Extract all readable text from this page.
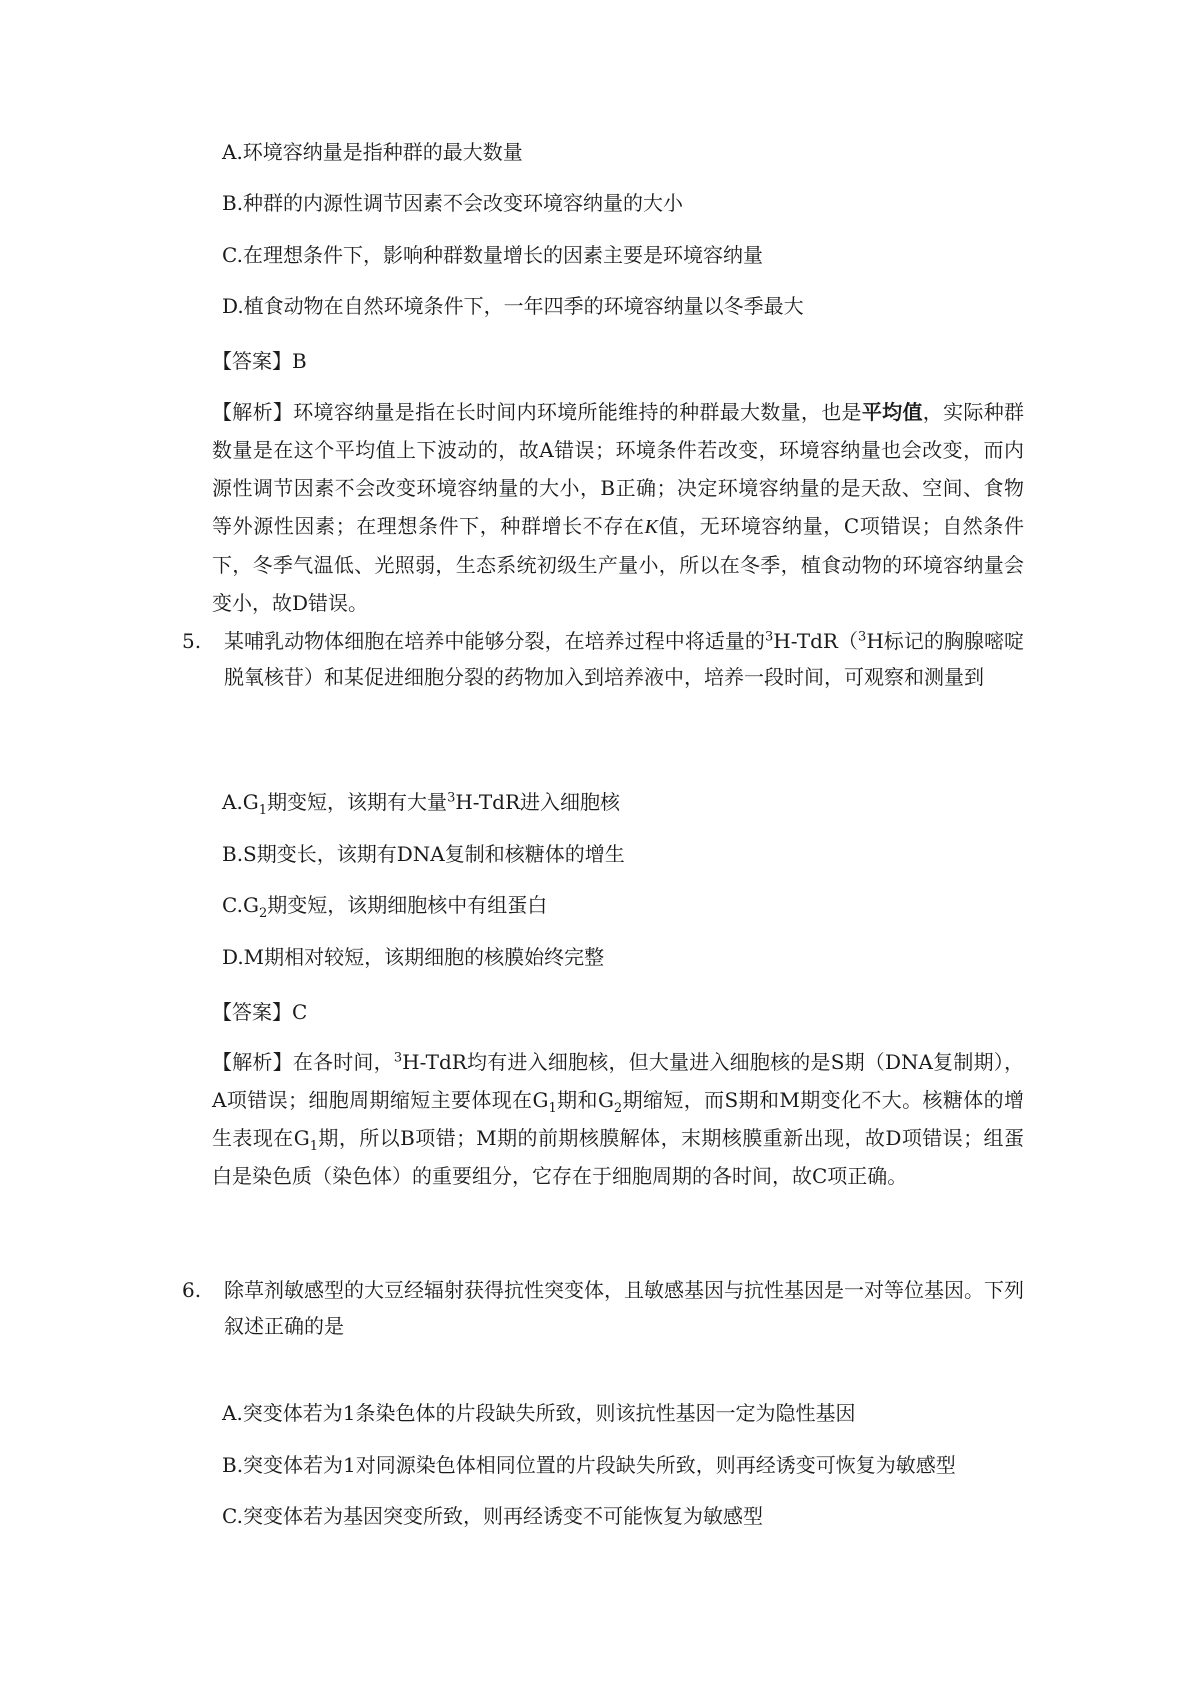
A.环境容纳量是指种群的最大数量
B.种群的内源性调节因素不会改变环境容纳量的大小
C.在理想条件下，影响种群数量增长的因素主要是环境容纳量
D.植食动物在自然环境条件下，一年四季的环境容纳量以冬季最大
【答案】B
【解析】环境容纳量是指在长时间内环境所能维持的种群最大数量，也是平均值，实际种群数量是在这个平均值上下波动的，故A错误；环境条件若改变，环境容纳量也会改变，而内源性调节因素不会改变环境容纳量的大小，B正确；决定环境容纳量的是天敌、空间、食物等外源性因素；在理想条件下，种群增长不存在K值，无环境容纳量，C项错误；自然条件下，冬季气温低、光照弱，生态系统初级生产量小，所以在冬季，植食动物的环境容纳量会变小，故D错误。
5. 某哺乳动物体细胞在培养中能够分裂，在培养过程中将适量的$^3$H-TdR（$^3$H标记的胸腺嘧啶脱氧核苷）和某促进细胞分裂的药物加入到培养液中，培养一段时间，可观察和测量到
$A.G_1$期变短，该期有大量$^3$H-TdR进入细胞核
B.S期变长，该期有DNA复制和核糖体的增生
$C.G_2$期变短，该期细胞核中有组蛋白
D.M期相对较短，该期细胞的核膜始终完整
【答案】C
【解析】在各时间，$^3$H-TdR均有进入细胞核，但大量进入细胞核的是S期（DNA复制期），A项错误；细胞周期缩短主要体现在$G_1$期和$G_2$期缩短，而S期和M期变化不大。核糖体的增生表现在$G_1$期，所以B项错；M期的前期核膜解体，末期核膜重新出现，故D项错误；组蛋白是染色质（染色体）的重要组分，它存在于细胞周期的各时间，故C项正确。
6. 除草剂敏感型的大豆经辐射获得抗性突变体，且敏感基因与抗性基因是一对等位基因。下列叙述正确的是
A.突变体若为1条染色体的片段缺失所致，则该抗性基因一定为隐性基因
B.突变体若为1对同源染色体相同位置的片段缺失所致，则再经诱变可恢复为敏感型
C.突变体若为基因突变所致，则再经诱变不可能恢复为敏感型
